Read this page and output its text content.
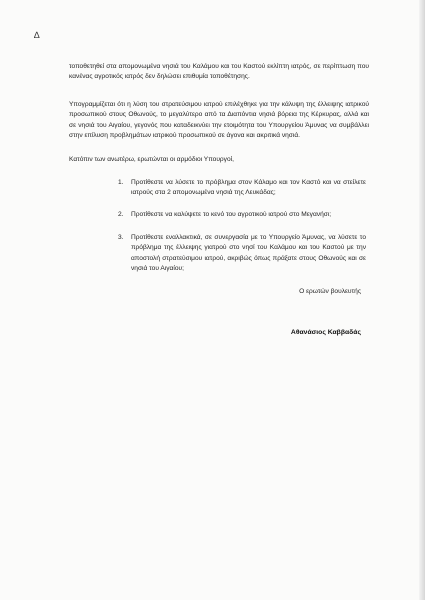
∆
τοποθετηθεί στα απομονωμένα νησιά του Καλάμου και του Καστού εκλίπτη ιατρός, σε περίπτωση που κανένας αγροτικός ιατρός δεν δηλώσει επιθυμία τοποθέτησης.
Υπογραμμίζεται ότι η λύση του στρατεύσιμου ιατρού επιλέχθηκε για την κάλυψη της έλλειψης ιατρικού προσωπικού στους Οθωνούς, το μεγαλύτερο από τα Διαπόντια νησιά βόρεια της Κέρκυρας, αλλά και σε νησιά του Αιγαίου, γεγονός που καταδεικνύει την ετοιμότητα του Υπουργείου Άμυνας να συμβάλλει στην επίλυση προβλημάτων ιατρικού προσωπικού σε άγονα και ακριτικά νησιά.
Κατόπιν των ανωτέρω, ερωτώνται οι αρμόδιοι Υπουργοί,
1. Προτίθεστε να λύσετε το πρόβλημα στον Κάλαμο και τον Καστό και να στείλετε ιατρούς στα 2 απομονωμένα νησιά της Λευκάδας;
2. Προτίθεστε να καλύψετε το κενό του αγροτικού ιατρού στο Μεγανήσι;
3. Προτίθεστε εναλλακτικά, σε συνεργασία με το Υπουργείο Άμυνας, να λύσετε το πρόβλημα της έλλειψης γιατρού στο νησί του Καλάμου και του Καστού με την αποστολή στρατεύσιμου ιατρού, ακριβώς όπως πράξατε στους Οθωνούς και σε νησιά του Αιγαίου;
Ο ερωτών βουλευτής
Αθανάσιος Καββαδάς
